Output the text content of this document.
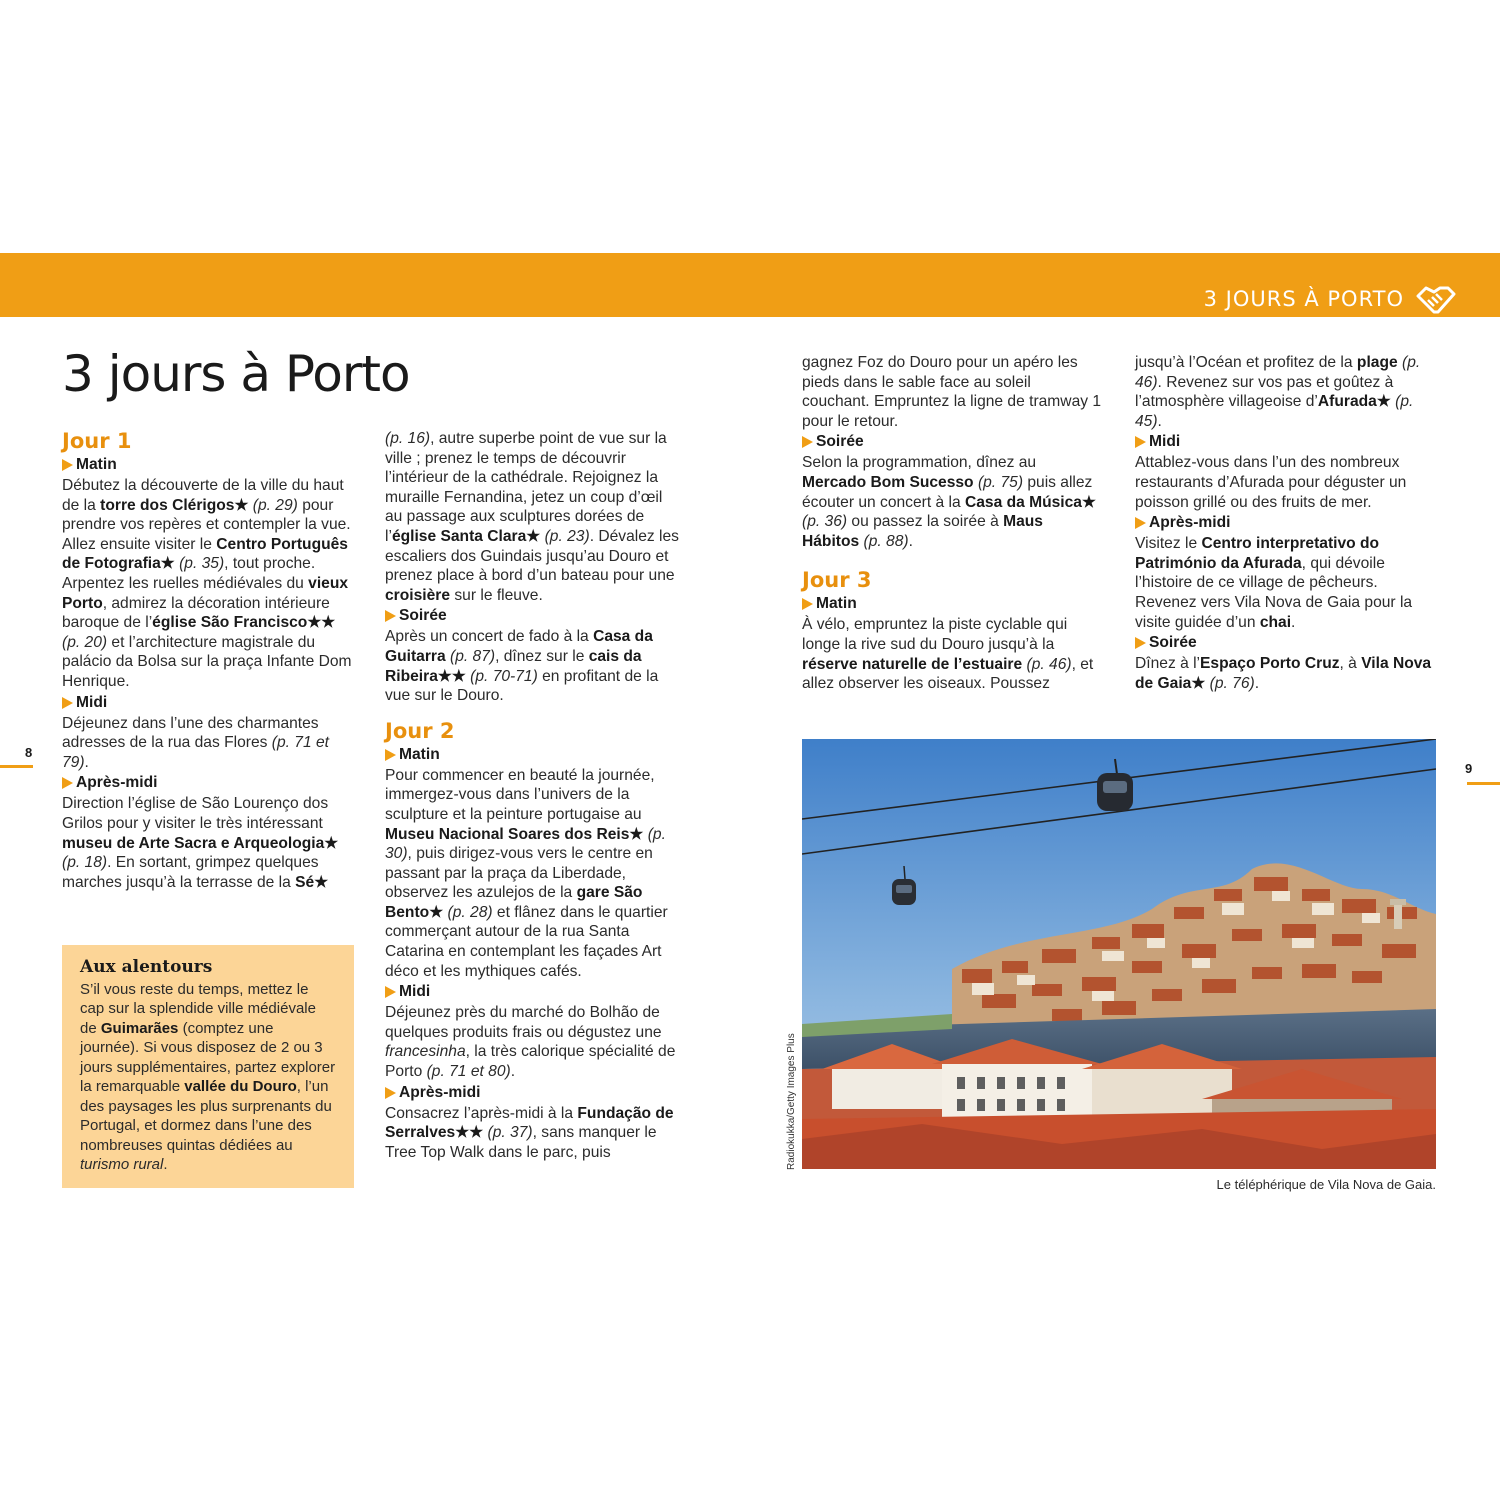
3 JOURS À PORTO
3 jours à Porto
Jour 1
Matin

Débutez la découverte de la ville du haut de la torre dos Clérigos★ (p. 29) pour prendre vos repères et contempler la vue. Allez ensuite visiter le Centro Português de Fotografia★ (p. 35), tout proche. Arpentez les ruelles médiévales du vieux Porto, admirez la décoration intérieure baroque de l’église São Francisco★★ (p. 20) et l’architecture magistrale du palácio da Bolsa sur la praça Infante Dom Henrique.

Midi

Déjeunez dans l’une des charmantes adresses de la rua das Flores (p. 71 et 79).

Après-midi

Direction l’église de São Lourenço dos Grilos pour y visiter le très intéressant museu de Arte Sacra e Arqueologia★ (p. 18). En sortant, grimpez quelques marches jusqu’à la terrasse de la Sé★

Aux alentours

S’il vous reste du temps, mettez le cap sur la splendide ville médiévale de Guimarães (comptez une journée). Si vous disposez de 2 ou 3 jours supplémentaires, partez explorer la remarquable vallée du Douro, l’un des paysages les plus surprenants du Portugal, et dormez dans l’une des nombreuses quintas dédiées au turismo rural.

(p. 16), autre superbe point de vue sur la ville ; prenez le temps de découvrir l’intérieur de la cathédrale. Rejoignez la muraille Fernandina, jetez un coup d’œil au passage aux sculptures dorées de l’église Santa Clara★ (p. 23). Dévalez les escaliers dos Guindais jusqu’au Douro et prenez place à bord d’un bateau pour une croisière sur le fleuve.

Soirée

Après un concert de fado à la Casa da Guitarra (p. 87), dînez sur le cais da Ribeira★★ (p. 70-71) en profitant de la vue sur le Douro.

Jour 2
Matin

Pour commencer en beauté la journée, immergez-vous dans l’univers de la sculpture et la peinture portugaise au Museu Nacional Soares dos Reis★ (p. 30), puis dirigez-vous vers le centre en passant par la praça da Liberdade, observez les azulejos de la gare São Bento★ (p. 28) et flânez dans le quartier commerçant autour de la rua Santa Catarina en contemplant les façades Art déco et les mythiques cafés.

Midi

Déjeunez près du marché do Bolhão de quelques produits frais ou dégustez une francesinha, la très calorique spécialité de Porto (p. 71 et 80).

Après-midi

Consacrez l’après-midi à la Fundação de Serralves★★ (p. 37), sans manquer le Tree Top Walk dans le parc, puis

gagnez Foz do Douro pour un apéro les pieds dans le sable face au soleil couchant. Empruntez la ligne de tramway 1 pour le retour.

Soirée

Selon la programmation, dînez au Mercado Bom Sucesso (p. 75) puis allez écouter un concert à la Casa da Música★ (p. 36) ou passez la soirée à Maus Hábitos (p. 88).

Jour 3
Matin

À vélo, empruntez la piste cyclable qui longe la rive sud du Douro jusqu’à la réserve naturelle de l’estuaire (p. 46), et allez observer les oiseaux. Poussez

jusqu’à l’Océan et profitez de la plage (p. 46). Revenez sur vos pas et goûtez à l’atmosphère villageoise d’Afurada★ (p. 45).

Midi

Attablez-vous dans l’un des nombreux restaurants d’Afurada pour déguster un poisson grillé ou des fruits de mer.

Après-midi

Visitez le Centro interpretativo do Património da Afurada, qui dévoile l’histoire de ce village de pêcheurs. Revenez vers Vila Nova de Gaia pour la visite guidée d’un chai.

Soirée

Dînez à l’Espaço Porto Cruz, à Vila Nova de Gaia★ (p. 76).

8
9
Radiokukka/Getty Images Plus
Le téléphérique de Vila Nova de Gaia.
